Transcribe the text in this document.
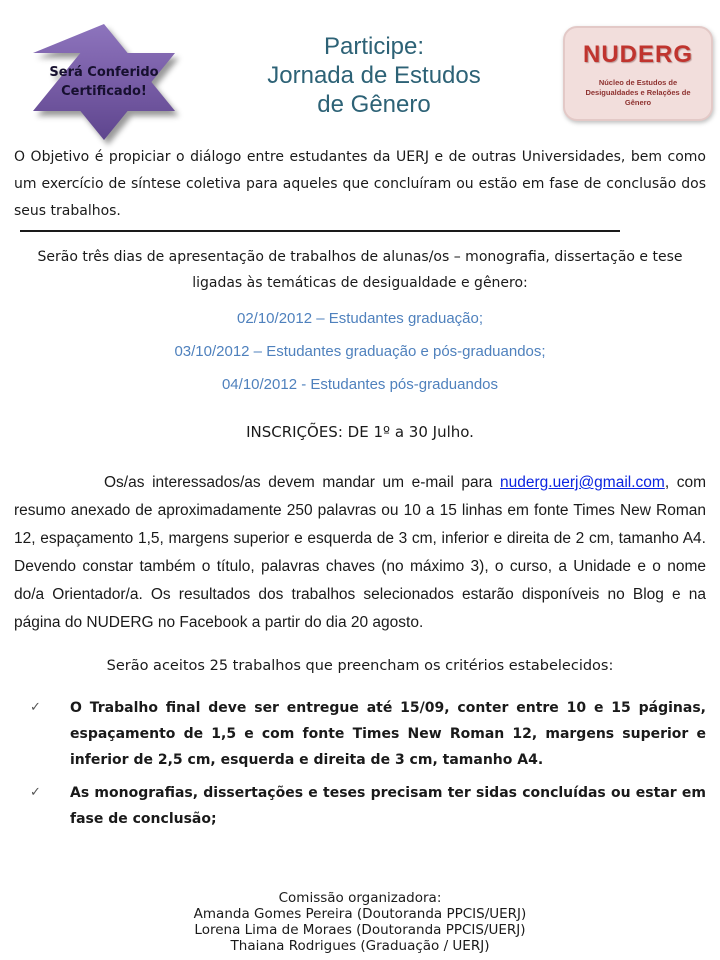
Será Conferido
Certificado!
Participe:
Jornada de Estudos
de Gênero
NUDERG
Núcleo de Estudos de Desigualdades e Relações de Gênero

O Objetivo é propiciar o diálogo entre estudantes da UERJ e de outras Universidades, bem como um exercício de síntese coletiva para aqueles que concluíram ou estão em fase de conclusão dos seus trabalhos.

Serão três dias de apresentação de trabalhos de alunas/os – monografia, dissertação e tese ligadas às temáticas de desigualdade e gênero:

02/10/2012 – Estudantes graduação;
03/10/2012 – Estudantes graduação e pós-graduandos;
04/10/2012 - Estudantes pós-graduandos

INSCRIÇÕES: DE 1º a 30 Julho.

Os/as interessados/as devem mandar um e-mail para nuderg.uerj@gmail.com, com resumo anexado de aproximadamente 250 palavras ou 10 a 15 linhas em fonte Times New Roman 12, espaçamento 1,5, margens superior e esquerda de 3 cm, inferior e direita de 2 cm, tamanho A4. Devendo constar também o título, palavras chaves (no máximo 3), o curso, a Unidade e o nome do/a Orientador/a. Os resultados dos trabalhos selecionados estarão disponíveis no Blog e na página do NUDERG no Facebook a partir do dia 20 agosto.

Serão aceitos 25 trabalhos que preencham os critérios estabelecidos:

✓	O Trabalho final deve ser entregue até 15/09, conter entre 10 e 15 páginas, espaçamento de 1,5 e com fonte Times New Roman 12, margens superior e inferior de 2,5 cm, esquerda e direita de 3 cm, tamanho A4.
✓	As monografias, dissertações e teses precisam ter sidas concluídas ou estar em fase de conclusão;
Comissão organizadora:
Amanda Gomes Pereira (Doutoranda PPCIS/UERJ)
Lorena Lima de Moraes (Doutoranda PPCIS/UERJ)
Thaiana Rodrigues (Graduação / UERJ)
